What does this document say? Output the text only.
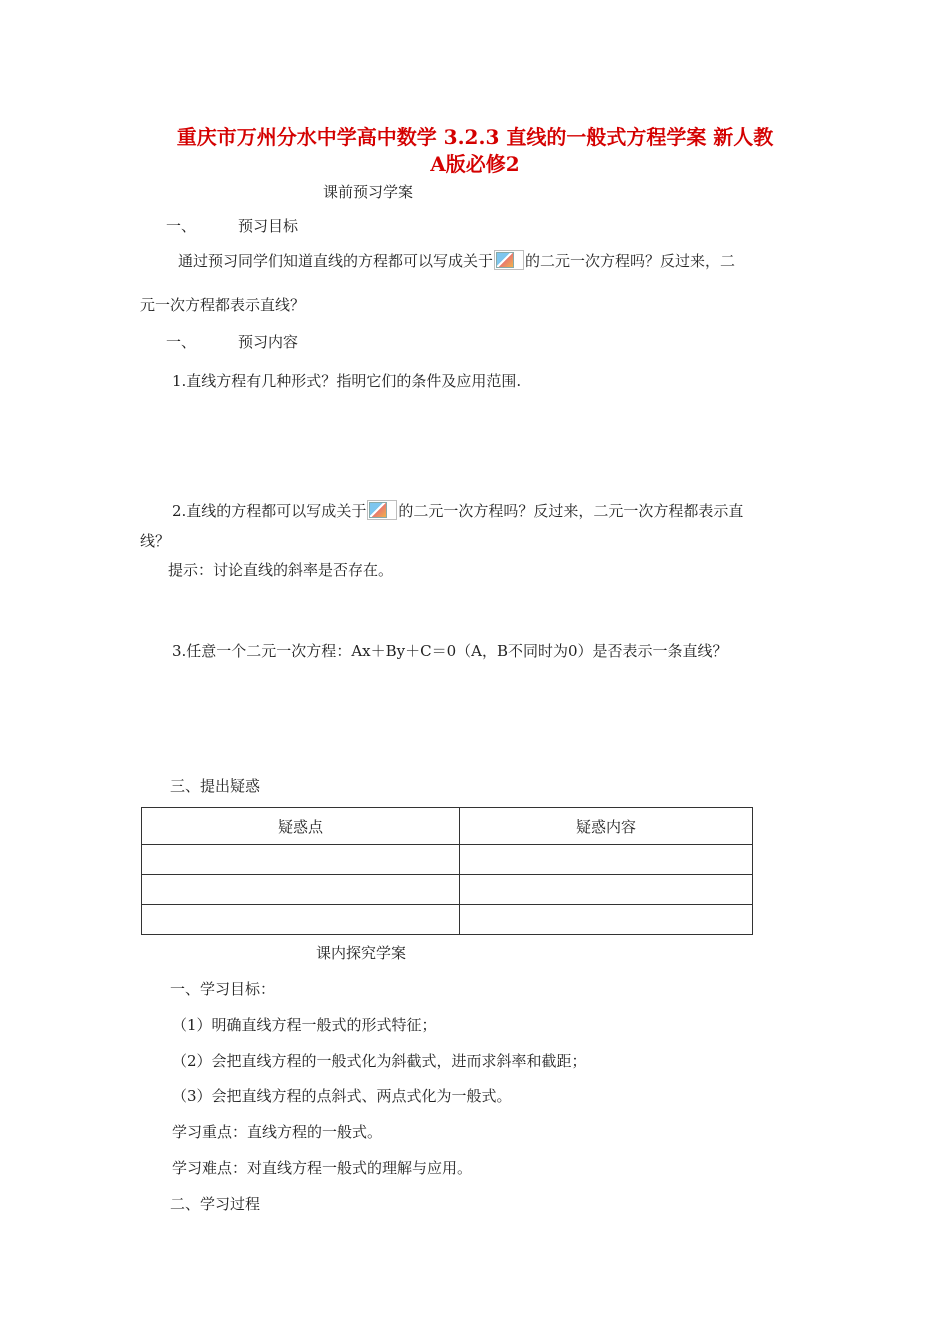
重庆市万州分水中学高中数学 3.2.3 直线的一般式方程学案 新人教
A版必修2
课前预习学案
一、	预习目标
通过预习同学们知道直线的方程都可以写成关于 的二元一次方程吗？反过来，二
元一次方程都表示直线？
一、	预习内容
1.直线方程有几种形式？指明它们的条件及应用范围.
2.直线的方程都可以写成关于 的二元一次方程吗？反过来，二元一次方程都表示直
线？
提示：讨论直线的斜率是否存在。
3.任意一个二元一次方程：Ax＋By＋C＝0（A，B不同时为0）是否表示一条直线？
三、提出疑惑
疑惑点	疑惑内容

课内探究学案
一、学习目标：
（1）明确直线方程一般式的形式特征；
（2）会把直线方程的一般式化为斜截式，进而求斜率和截距；
（3）会把直线方程的点斜式、两点式化为一般式。
学习重点：直线方程的一般式。
学习难点：对直线方程一般式的理解与应用。
二、学习过程
